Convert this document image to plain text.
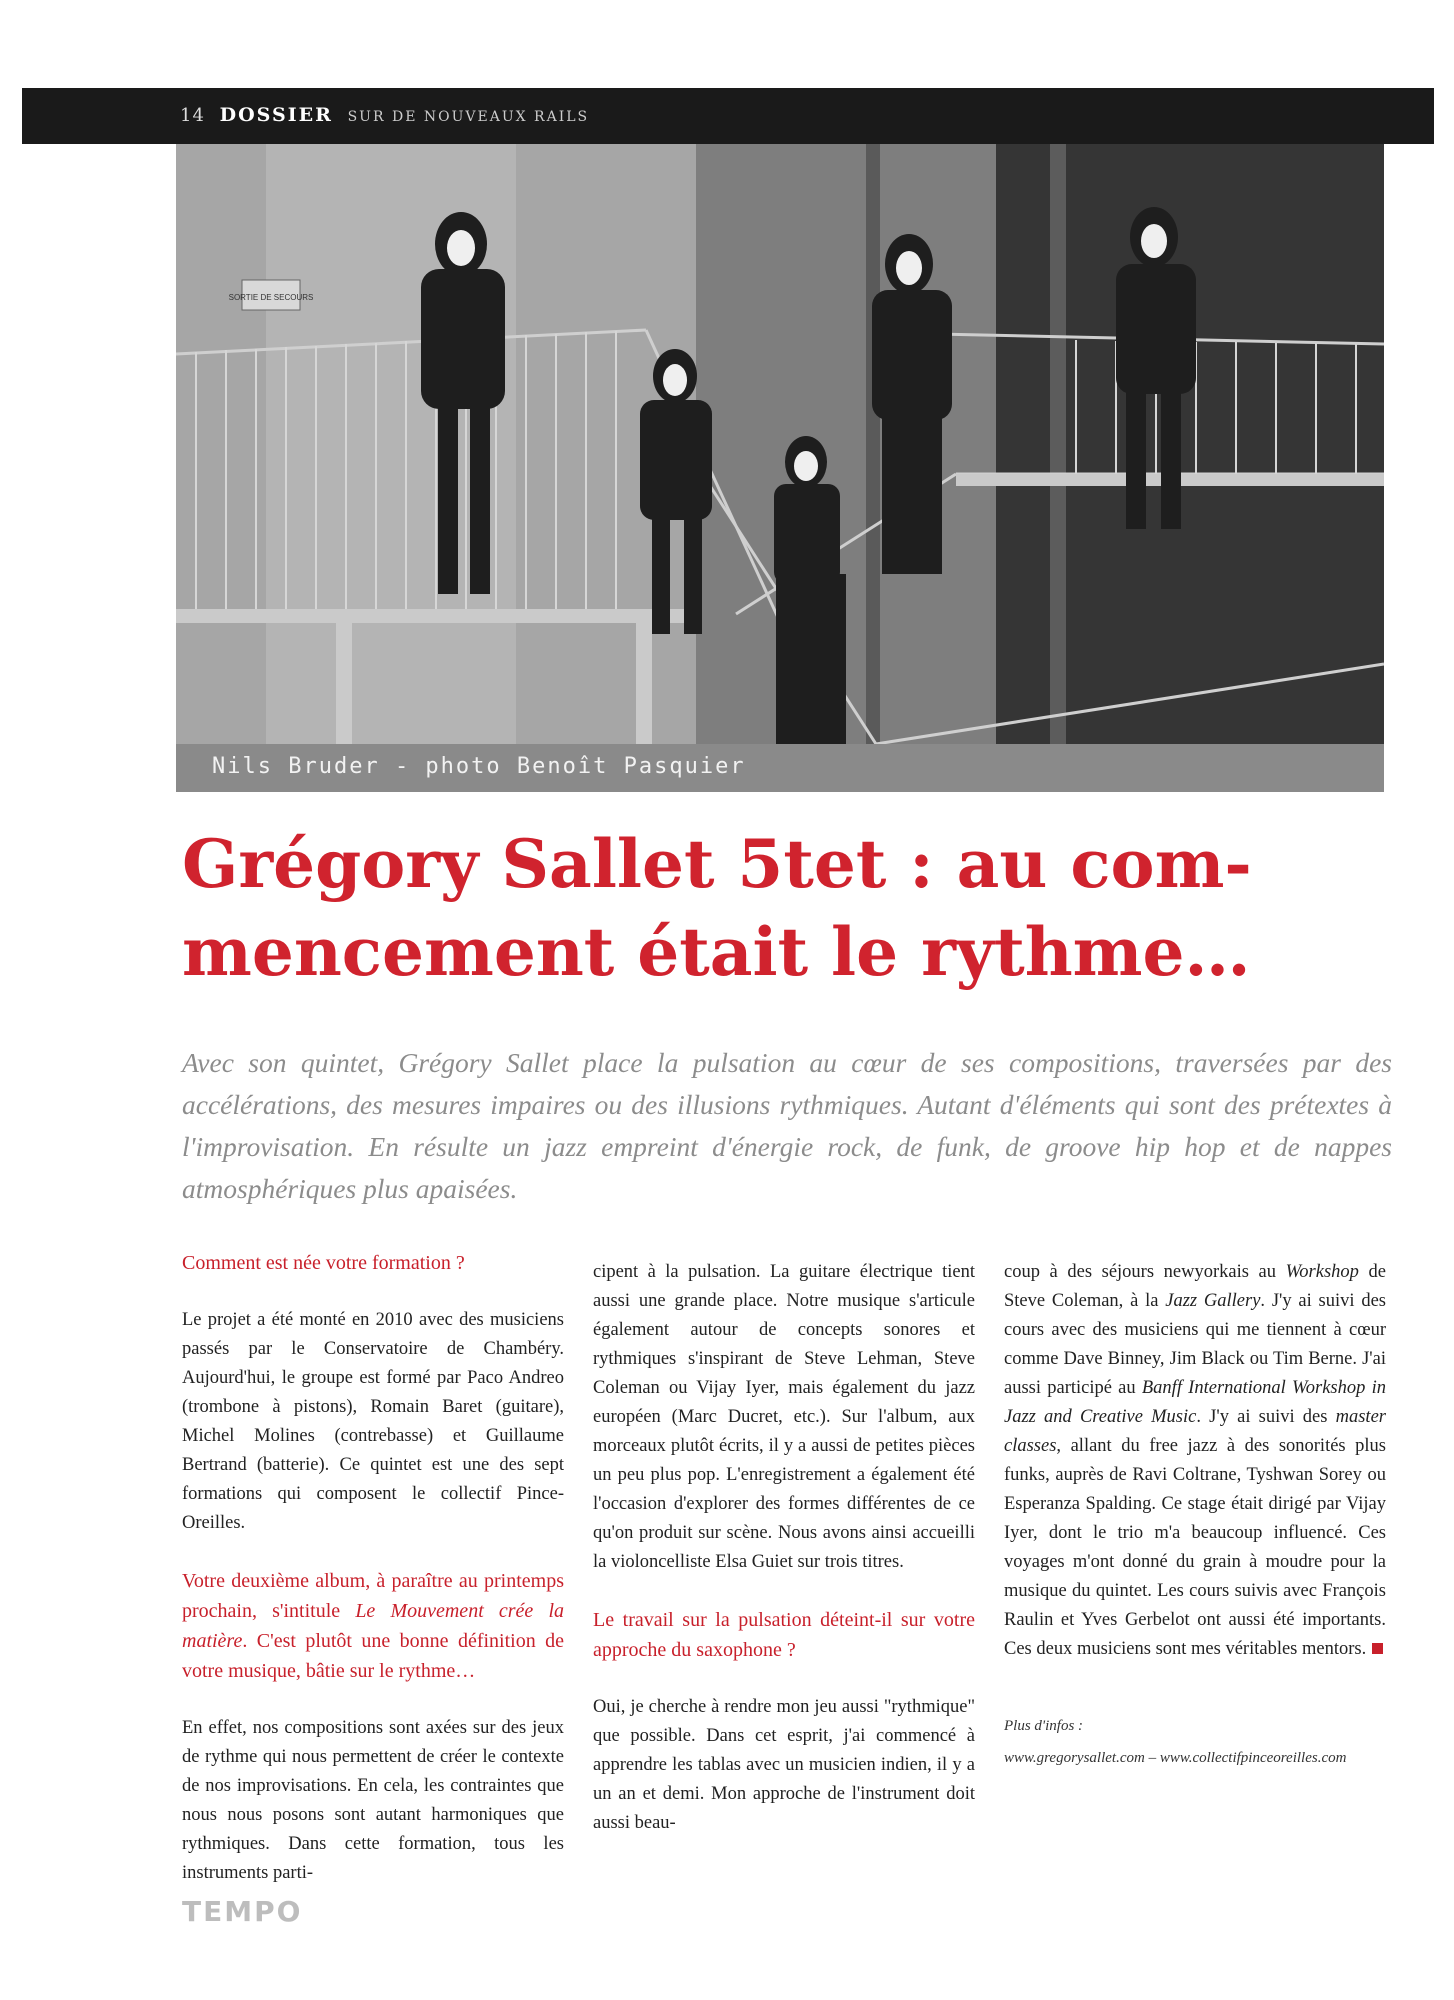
14 DOSSIER SUR DE NOUVEAUX RAILS
SORTIE DE SECOURS
Nils Bruder - photo Benoît Pasquier
Grégory Sallet 5tet : au com- mencement était le rythme…

Avec son quintet, Grégory Sallet place la pulsation au cœur de ses compositions, traversées par des accélérations, des mesures impaires ou des illusions rythmiques. Autant d'éléments qui sont des prétextes à l'improvisation. En résulte un jazz empreint d'énergie rock, de funk, de groove hip hop et de nappes atmosphériques plus apaisées.

Comment est née votre formation ?

Le projet a été monté en 2010 avec des musiciens passés par le Conservatoire de Chambéry. Aujourd'hui, le groupe est formé par Paco Andreo (trombone à pistons), Romain Baret (guitare), Michel Molines (contrebasse) et Guillaume Bertrand (batterie). Ce quintet est une des sept formations qui composent le collectif Pince-Oreilles.

Votre deuxième album, à paraître au printemps prochain, s'intitule Le Mouvement crée la matière. C'est plutôt une bonne définition de votre musique, bâtie sur le rythme…

En effet, nos compositions sont axées sur des jeux de rythme qui nous permettent de créer le contexte de nos improvisations. En cela, les contraintes que nous nous posons sont autant harmoniques que rythmiques. Dans cette formation, tous les instruments parti-

cipent à la pulsation. La guitare électrique tient aussi une grande place. Notre musique s'articule également autour de concepts sonores et rythmiques s'inspirant de Steve Lehman, Steve Coleman ou Vijay Iyer, mais également du jazz européen (Marc Ducret, etc.). Sur l'album, aux morceaux plutôt écrits, il y a aussi de petites pièces un peu plus pop. L'enregistrement a également été l'occasion d'explorer des formes différentes de ce qu'on produit sur scène. Nous avons ainsi accueilli la violoncelliste Elsa Guiet sur trois titres.

Le travail sur la pulsation déteint-il sur votre approche du saxophone ?

Oui, je cherche à rendre mon jeu aussi "rythmique" que possible. Dans cet esprit, j'ai commencé à apprendre les tablas avec un musicien indien, il y a un an et demi. Mon approche de l'instrument doit aussi beau-

coup à des séjours newyorkais au Workshop de Steve Coleman, à la Jazz Gallery. J'y ai suivi des cours avec des musiciens qui me tiennent à cœur comme Dave Binney, Jim Black ou Tim Berne. J'ai aussi participé au Banff International Workshop in Jazz and Creative Music. J'y ai suivi des master classes, allant du free jazz à des sonorités plus funks, auprès de Ravi Coltrane, Tyshwan Sorey ou Esperanza Spalding. Ce stage était dirigé par Vijay Iyer, dont le trio m'a beaucoup influencé. Ces voyages m'ont donné du grain à moudre pour la musique du quintet. Les cours suivis avec François Raulin et Yves Gerbelot ont aussi été importants. Ces deux musiciens sont mes véritables mentors.

Plus d'infos :
www.gregorysallet.com – www.collectifpinceoreilles.com
TEMPO
